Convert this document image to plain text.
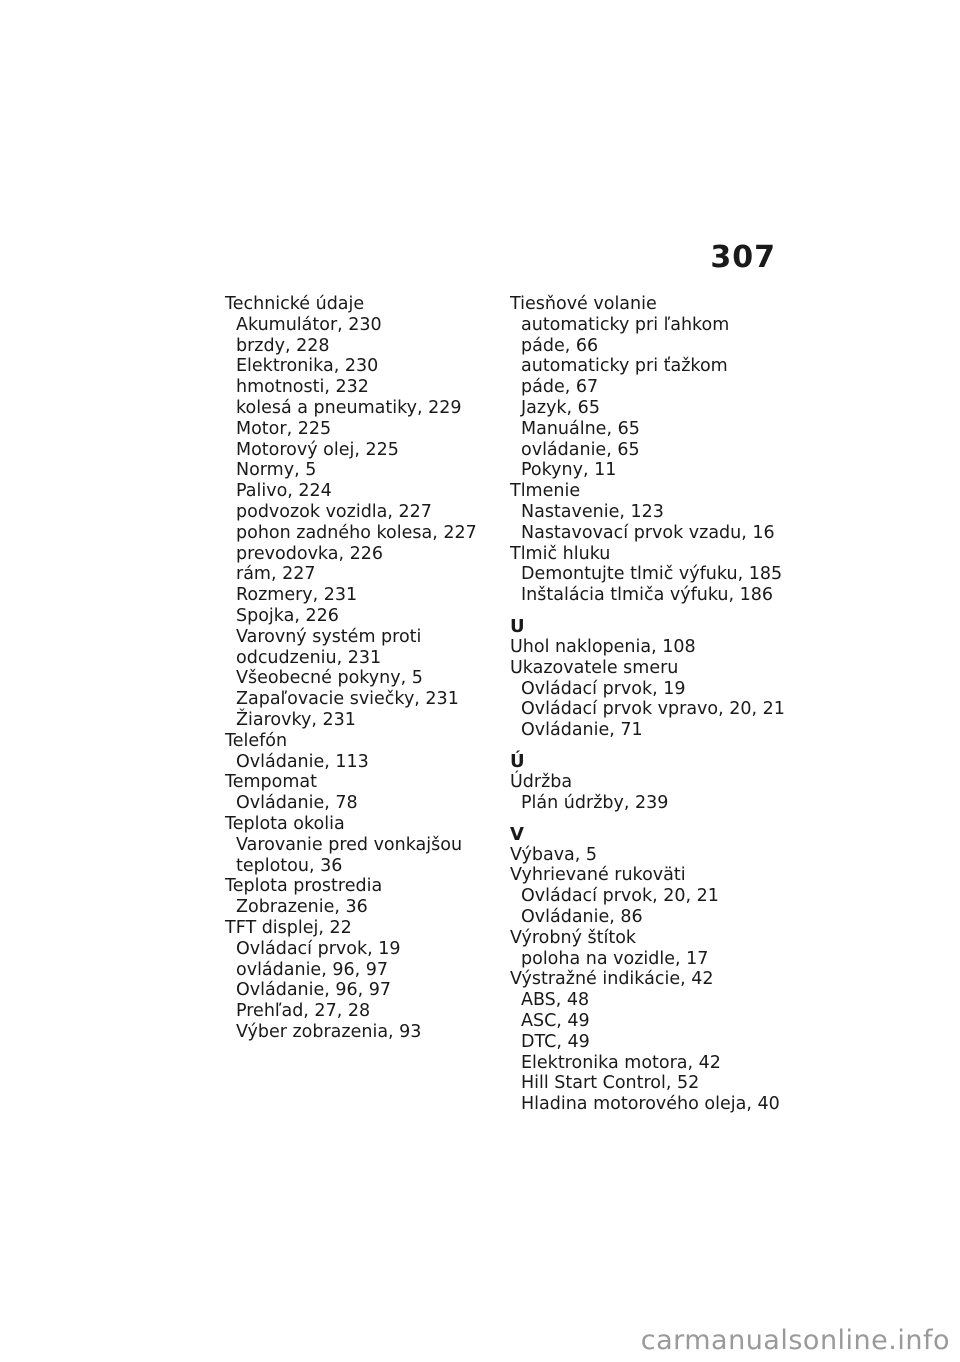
307
Technické údaje
Akumulátor, 230
brzdy, 228
Elektronika, 230
hmotnosti, 232
kolesá a pneumatiky, 229
Motor, 225
Motorový olej, 225
Normy, 5
Palivo, 224
podvozok vozidla, 227
pohon zadného kolesa, 227
prevodovka, 226
rám, 227
Rozmery, 231
Spojka, 226
Varovný systém proti
odcudzeniu, 231
Všeobecné pokyny, 5
Zapaľovacie sviečky, 231
Žiarovky, 231
Telefón
Ovládanie, 113
Tempomat
Ovládanie, 78
Teplota okolia
Varovanie pred vonkajšou
teplotou, 36
Teplota prostredia
Zobrazenie, 36
TFT displej, 22
Ovládací prvok, 19
ovládanie, 96, 97
Ovládanie, 96, 97
Prehľad, 27, 28
Výber zobrazenia, 93
Tiesňové volanie
automaticky pri ľahkom
páde, 66
automaticky pri ťažkom
páde, 67
Jazyk, 65
Manuálne, 65
ovládanie, 65
Pokyny, 11
Tlmenie
Nastavenie, 123
Nastavovací prvok vzadu, 16
Tlmič hluku
Demontujte tlmič výfuku, 185
Inštalácia tlmiča výfuku, 186
U
Uhol naklopenia, 108
Ukazovatele smeru
Ovládací prvok, 19
Ovládací prvok vpravo, 20, 21
Ovládanie, 71
Ú
Údržba
Plán údržby, 239
V
Výbava, 5
Vyhrievané rukoväti
Ovládací prvok, 20, 21
Ovládanie, 86
Výrobný štítok
poloha na vozidle, 17
Výstražné indikácie, 42
ABS, 48
ASC, 49
DTC, 49
Elektronika motora, 42
Hill Start Control, 52
Hladina motorového oleja, 40
carmanualsonline.info
